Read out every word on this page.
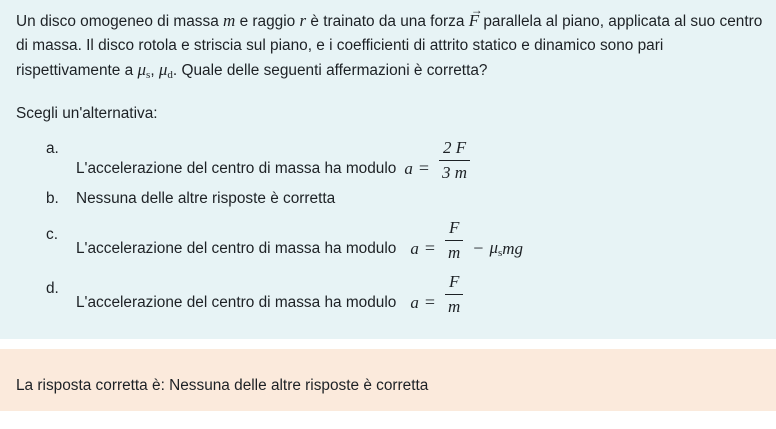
Un disco omogeneo di massa m e raggio r è trainato da una forza → F parallela al piano, applicata al suo centro di massa. Il disco rotola e striscia sul piano, e i coefficienti di attrito statico e dinamico sono pari rispettivamente a $\mu_s$, $\mu_d$. Quale delle seguenti affermazioni è corretta?
Scegli un'alternativa:
a.
L'accelerazione del centro di massa ha modulo $a = \frac{2 F}{3 m}$
b. Nessuna delle altre risposte è corretta
c.
L'accelerazione del centro di massa ha modulo $a = \frac{F}{m} - \mu_s$ mg
d.
L'accelerazione del centro di massa ha modulo $a = \frac{F}{m}$
La risposta corretta è: Nessuna delle altre risposte è corretta
